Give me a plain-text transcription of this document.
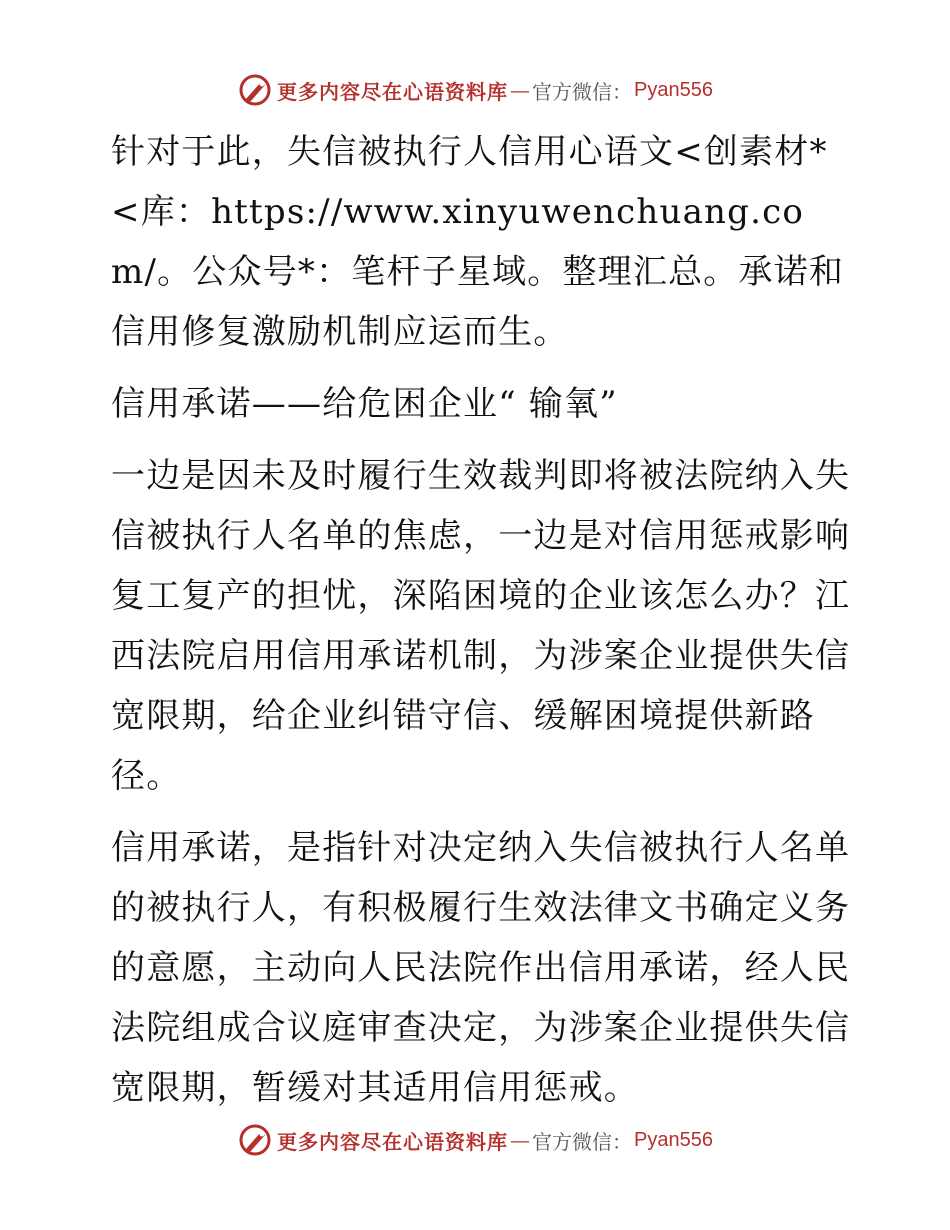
更多内容尽在心语资料库 — 官方微信： Pyan556

针对于此，失信被执行人信用心语文<创素材*<库：https://www.xinyuwenchuang.com/。公众号*：笔杆子星域。整理汇总。承诺和信用修复激励机制应运而生。

信用承诺——给危困企业“ 输氧”

一边是因未及时履行生效裁判即将被法院纳入失信被执行人名单的焦虑，一边是对信用惩戒影响复工复产的担忧，深陷困境的企业该怎么办？江西法院启用信用承诺机制，为涉案企业提供失信宽限期，给企业纠错守信、缓解困境提供新路径。

信用承诺，是指针对决定纳入失信被执行人名单的被执行人，有积极履行生效法律文书确定义务的意愿，主动向人民法院作出信用承诺，经人民法院组成合议庭审查决定，为涉案企业提供失信宽限期，暂缓对其适用信用惩戒。

更多内容尽在心语资料库 — 官方微信： Pyan556
